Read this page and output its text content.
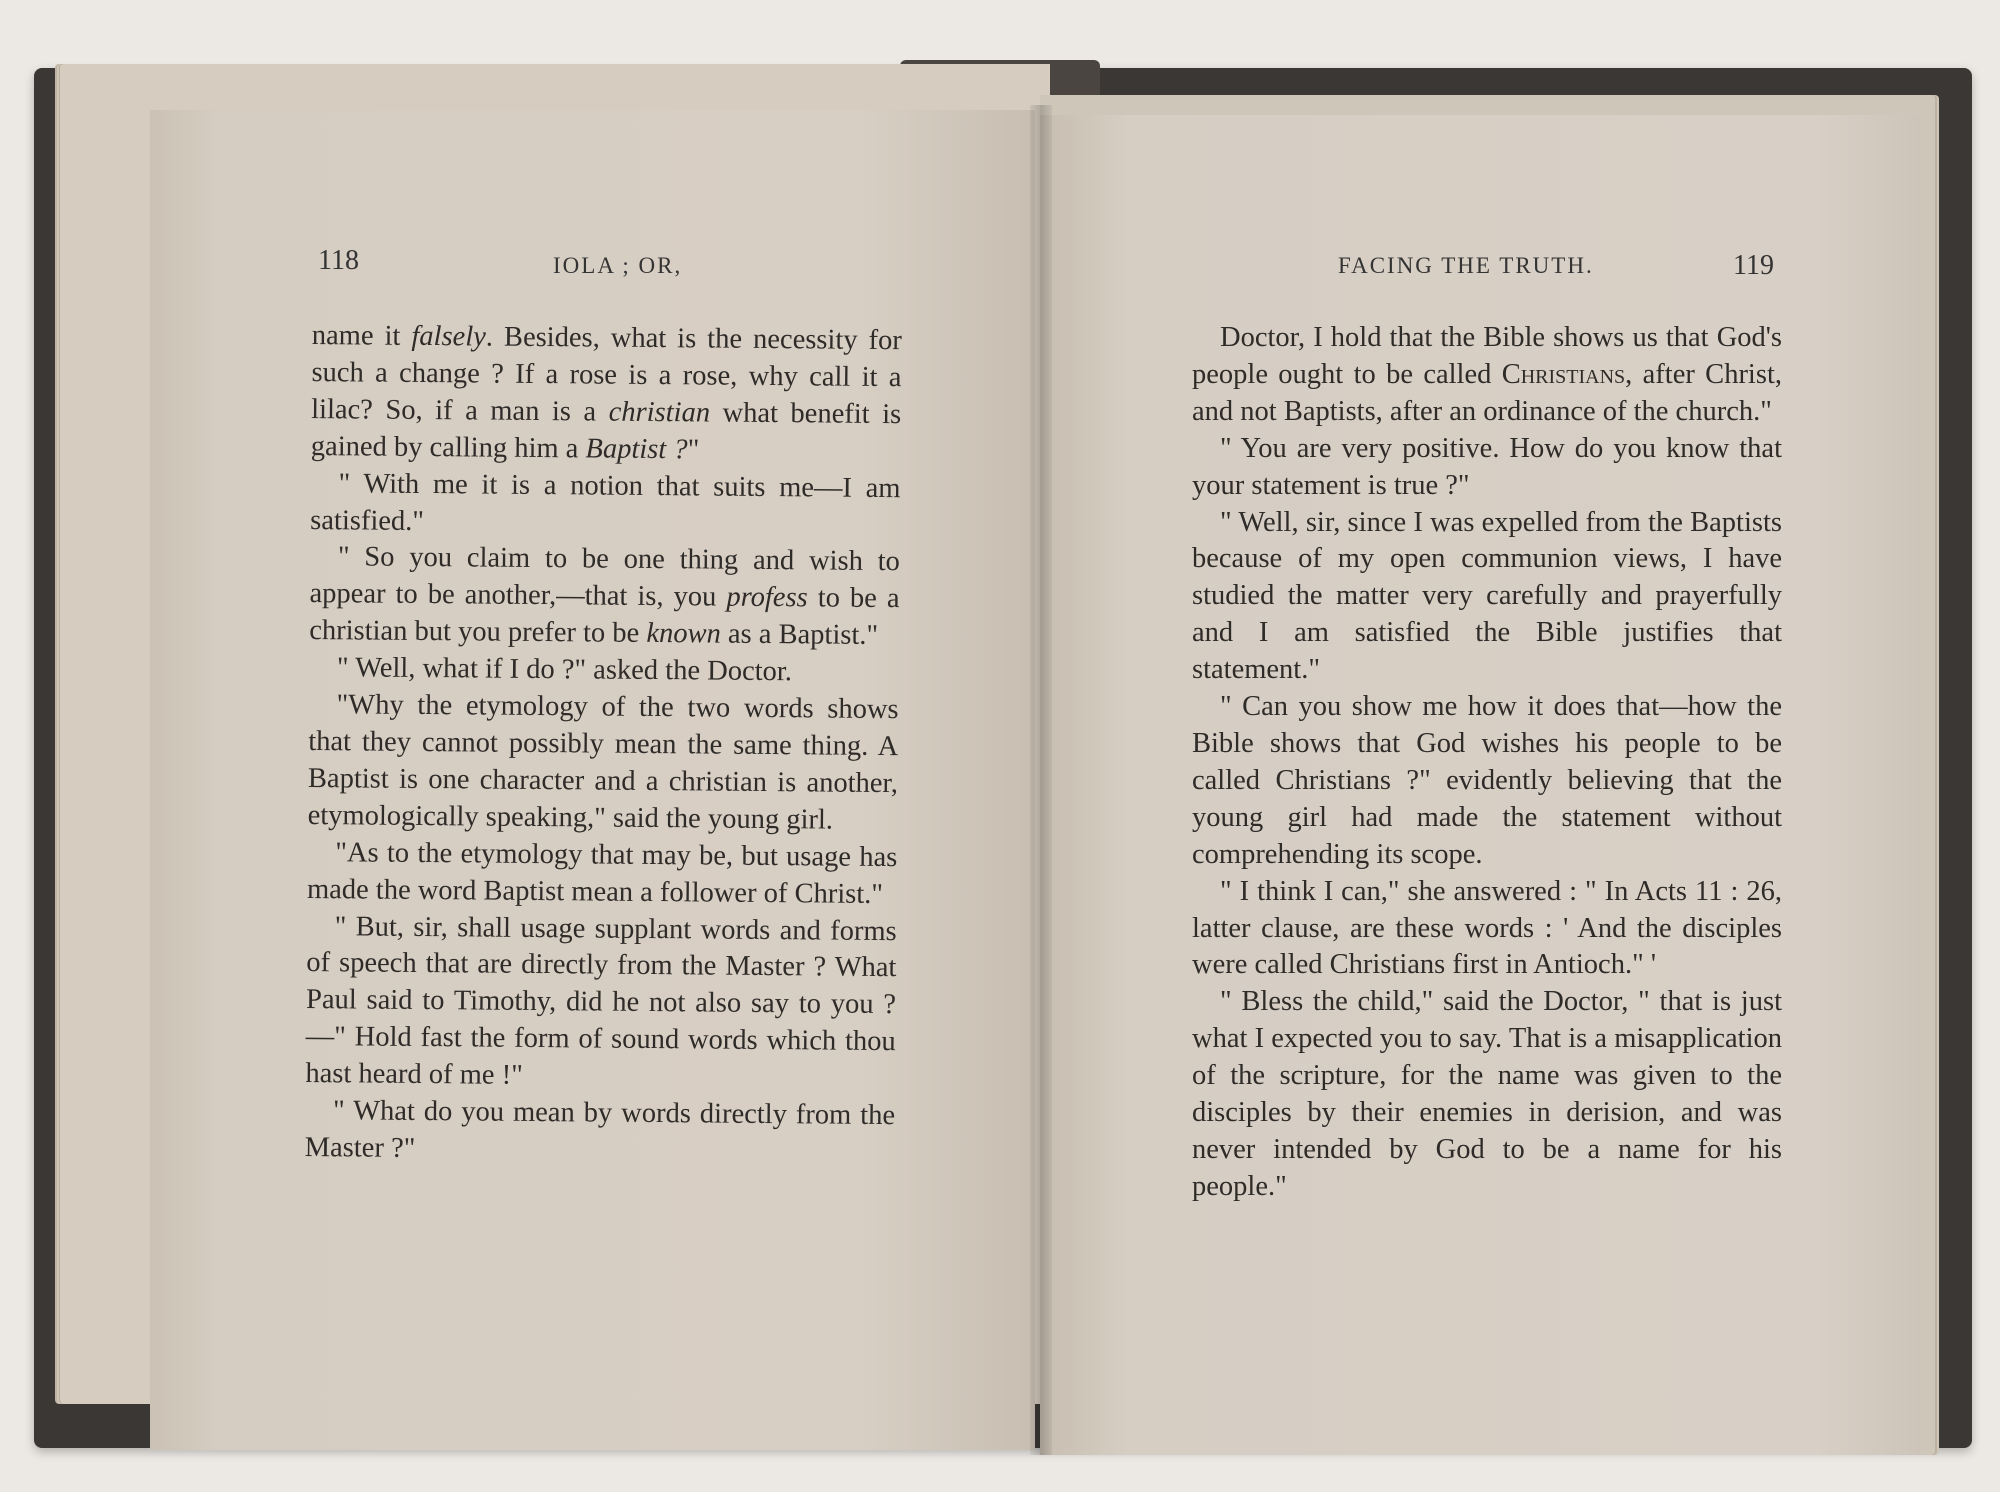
118	IOLA ; OR,	FACING THE TRUTH.	119

name it falsely. Besides, what is the necessity for such a change ? If a rose is a rose, why call it a lilac? So, if a man is a christian what benefit is gained by calling him a Baptist ?"

" With me it is a notion that suits me—I am satisfied."

" So you claim to be one thing and wish to appear to be another,—that is, you profess to be a christian but you prefer to be known as a Baptist."

" Well, what if I do ?" asked the Doctor.

"Why the etymology of the two words shows that they cannot possibly mean the same thing. A Baptist is one character and a christian is another, etymologically speaking," said the young girl.

"As to the etymology that may be, but usage has made the word Baptist mean a follower of Christ."

" But, sir, shall usage supplant words and forms of speech that are directly from the Master ? What Paul said to Timothy, did he not also say to you ?—" Hold fast the form of sound words which thou hast heard of me !"

" What do you mean by words directly from the Master ?"

Doctor, I hold that the Bible shows us that God's people ought to be called Christians, after Christ, and not Baptists, after an ordinance of the church."

" You are very positive. How do you know that your statement is true ?"

" Well, sir, since I was expelled from the Baptists because of my open communion views, I have studied the matter very carefully and prayerfully and I am satisfied the Bible justifies that statement."

" Can you show me how it does that—how the Bible shows that God wishes his people to be called Christians ?" evidently believing that the young girl had made the statement without comprehending its scope.

" I think I can," she answered : " In Acts 11 : 26, latter clause, are these words : ' And the disciples were called Christians first in Antioch." '

" Bless the child," said the Doctor, " that is just what I expected you to say. That is a misapplication of the scripture, for the name was given to the disciples by their enemies in derision, and was never intended by God to be a name for his people."
